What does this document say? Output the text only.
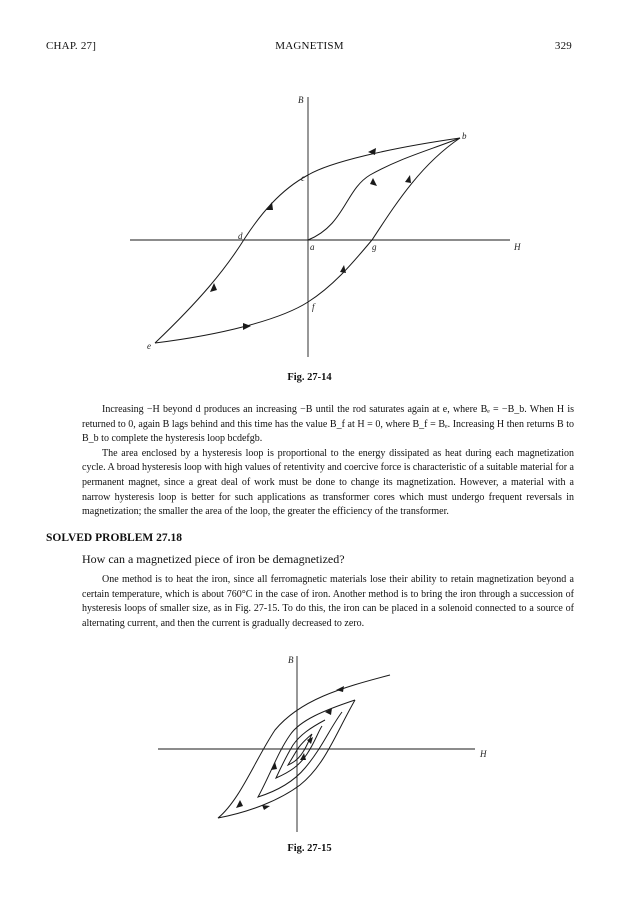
CHAP. 27]	MAGNETISM	329
B
H
a
b
c
d
e
f
g
B
H
Fig. 27-14

Increasing −H beyond d produces an increasing −B until the rod saturates again at e, where Bₑ = −B_b. When H is returned to 0, again B lags behind and this time has the value B_f at H = 0, where B_f = Bₑ. Increasing H then returns B to B_b to complete the hysteresis loop bcdefgb.

The area enclosed by a hysteresis loop is proportional to the energy dissipated as heat during each magnetization cycle. A broad hysteresis loop with high values of retentivity and coercive force is characteristic of a suitable material for a permanent magnet, since a great deal of work must be done to change its magnetization. However, a material with a narrow hysteresis loop is better for such applications as transformer cores which must undergo frequent reversals in magnetization; the smaller the area of the loop, the greater the efficiency of the transformer.

SOLVED PROBLEM 27.18
How can a magnetized piece of iron be demagnetized?

One method is to heat the iron, since all ferromagnetic materials lose their ability to retain magnetization beyond a certain temperature, which is about 760°C in the case of iron. Another method is to bring the iron through a succession of hysteresis loops of smaller size, as in Fig. 27-15. To do this, the iron can be placed in a solenoid connected to a source of alternating current, and then the current is gradually decreased to zero.

Fig. 27-15
